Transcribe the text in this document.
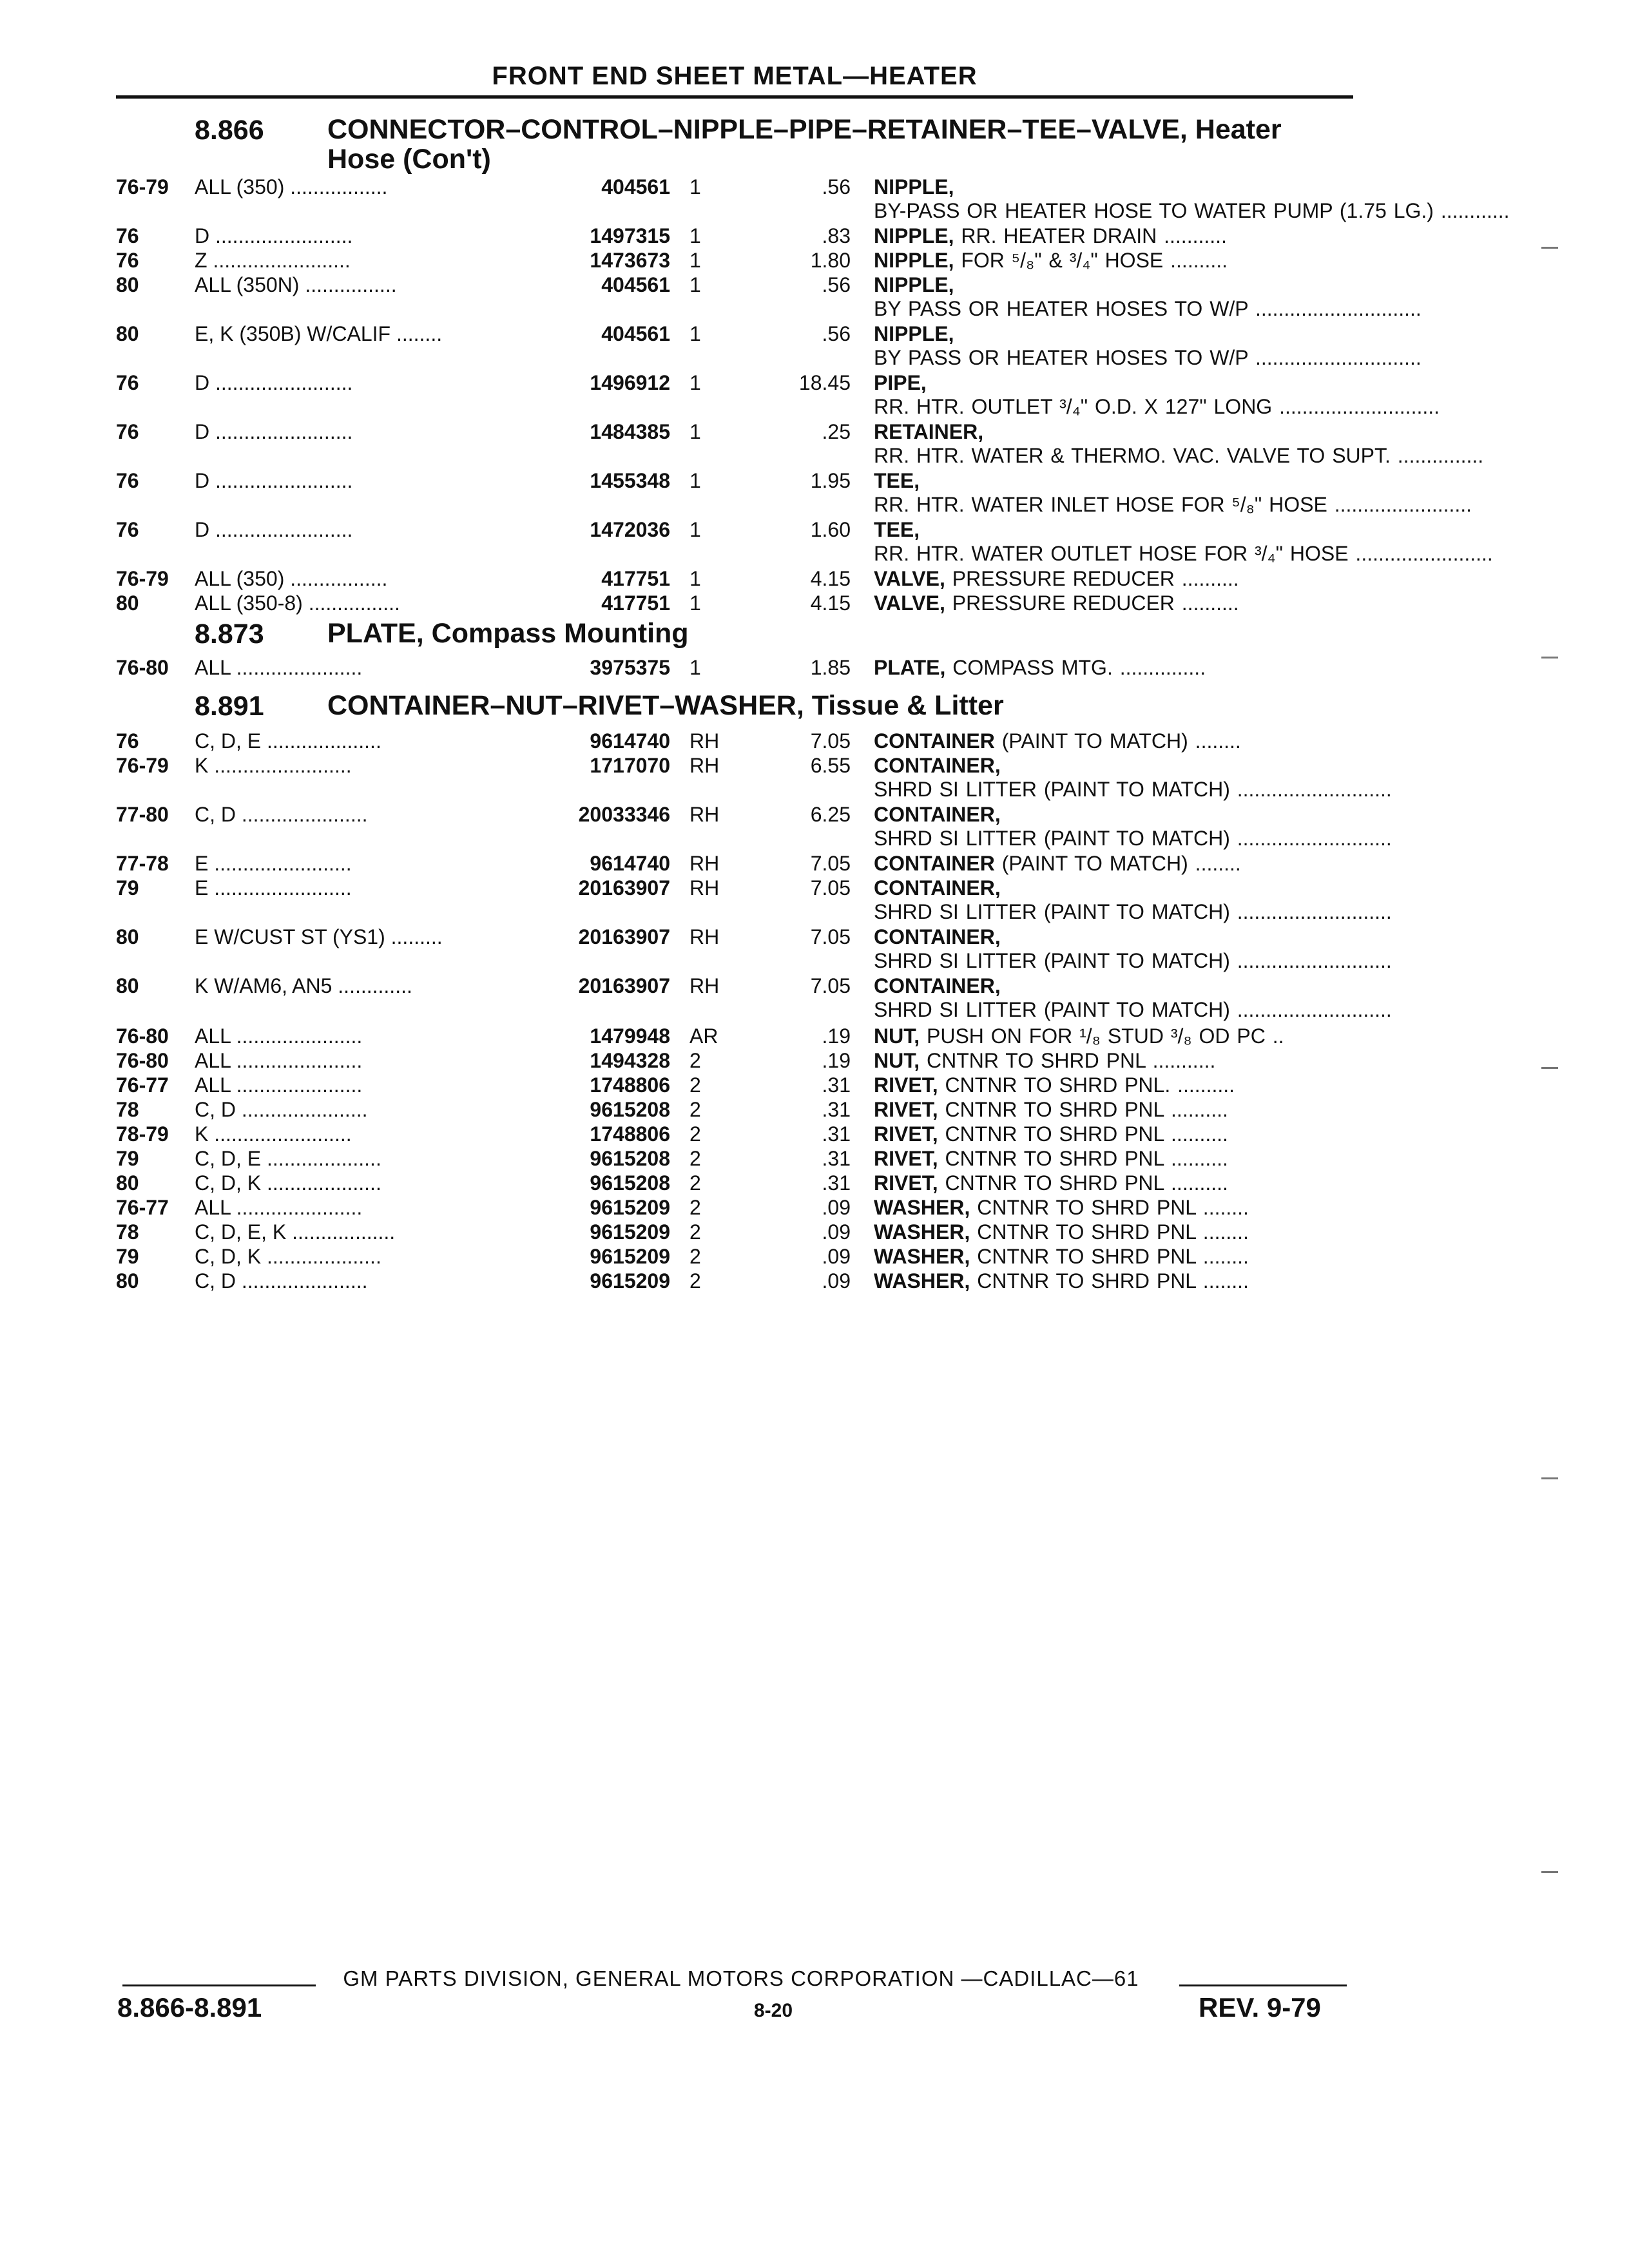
FRONT END SHEET METAL—HEATER
8.866 CONNECTOR–CONTROL–NIPPLE–PIPE–RETAINER–TEE–VALVE, Heater Hose (Con't)
76-79 ALL (350) .................	404561 1	.56 NIPPLE, BY-PASS OR HEATER HOSE TO WATER PUMP (1.75 LG.) ............
76	D ........................	1497315 1	.83 NIPPLE, RR. HEATER DRAIN ...........
76	Z ........................	1473673 1	1.80 NIPPLE, FOR ⁵/₈" & ³/₄" HOSE ..........
80	ALL (350N) ................	404561 1	.56 NIPPLE, BY PASS OR HEATER HOSES TO W/P .............................
80	E, K (350B) W/CALIF ........	404561 1	.56 NIPPLE, BY PASS OR HEATER HOSES TO W/P .............................
76	D ........................	1496912 1	18.45 PIPE, RR. HTR. OUTLET ³/₄" O.D. X 127" LONG ............................
76	D ........................	1484385 1	.25 RETAINER, RR. HTR. WATER & THERMO. VAC. VALVE TO SUPT. ...............
76	D ........................	1455348 1	1.95 TEE, RR. HTR. WATER INLET HOSE FOR ⁵/₈" HOSE ........................
76	D ........................	1472036 1	1.60 TEE, RR. HTR. WATER OUTLET HOSE FOR ³/₄" HOSE ........................
76-79 ALL (350) .................	417751 1	4.15 VALVE, PRESSURE REDUCER ..........
80	ALL (350-8) ................	417751 1	4.15 VALVE, PRESSURE REDUCER ..........
8.873 PLATE, Compass Mounting
76-80 ALL ......................	3975375 1	1.85 PLATE, COMPASS MTG. ...............
8.891 CONTAINER–NUT–RIVET–WASHER, Tissue & Litter
76	C, D, E ....................	9614740 RH	7.05 CONTAINER (PAINT TO MATCH) ........
76-79 K ........................	1717070 RH	6.55 CONTAINER, SHRD SI LITTER (PAINT TO MATCH) ...........................
77-80 C, D ......................	20033346 RH	6.25 CONTAINER, SHRD SI LITTER (PAINT TO MATCH) ...........................
77-78 E ........................	9614740 RH	7.05 CONTAINER (PAINT TO MATCH) ........
79	E ........................	20163907 RH	7.05 CONTAINER, SHRD SI LITTER (PAINT TO MATCH) ...........................
80	E W/CUST ST (YS1) .........	20163907 RH	7.05 CONTAINER, SHRD SI LITTER (PAINT TO MATCH) ...........................
80	K W/AM6, AN5 .............	20163907 RH	7.05 CONTAINER, SHRD SI LITTER (PAINT TO MATCH) ...........................
76-80 ALL ......................	1479948 AR	.19 NUT, PUSH ON FOR ¹/₈ STUD ³/₈ OD PC ..
76-80 ALL ......................	1494328 2	.19 NUT, CNTNR TO SHRD PNL ...........
76-77 ALL ......................	1748806 2	.31 RIVET, CNTNR TO SHRD PNL. ..........
78	C, D ......................	9615208 2	.31 RIVET, CNTNR TO SHRD PNL ..........
78-79 K ........................	1748806 2	.31 RIVET, CNTNR TO SHRD PNL ..........
79	C, D, E ....................	9615208 2	.31 RIVET, CNTNR TO SHRD PNL ..........
80	C, D, K ....................	9615208 2	.31 RIVET, CNTNR TO SHRD PNL ..........
76-77 ALL ......................	9615209 2	.09 WASHER, CNTNR TO SHRD PNL ........
78	C, D, E, K ..................	9615209 2	.09 WASHER, CNTNR TO SHRD PNL ........
79	C, D, K ....................	9615209 2	.09 WASHER, CNTNR TO SHRD PNL ........
80	C, D ......................	9615209 2	.09 WASHER, CNTNR TO SHRD PNL ........
GM PARTS DIVISION, GENERAL MOTORS CORPORATION —CADILLAC—61
8.866-8.891	8-20	REV. 9-79
